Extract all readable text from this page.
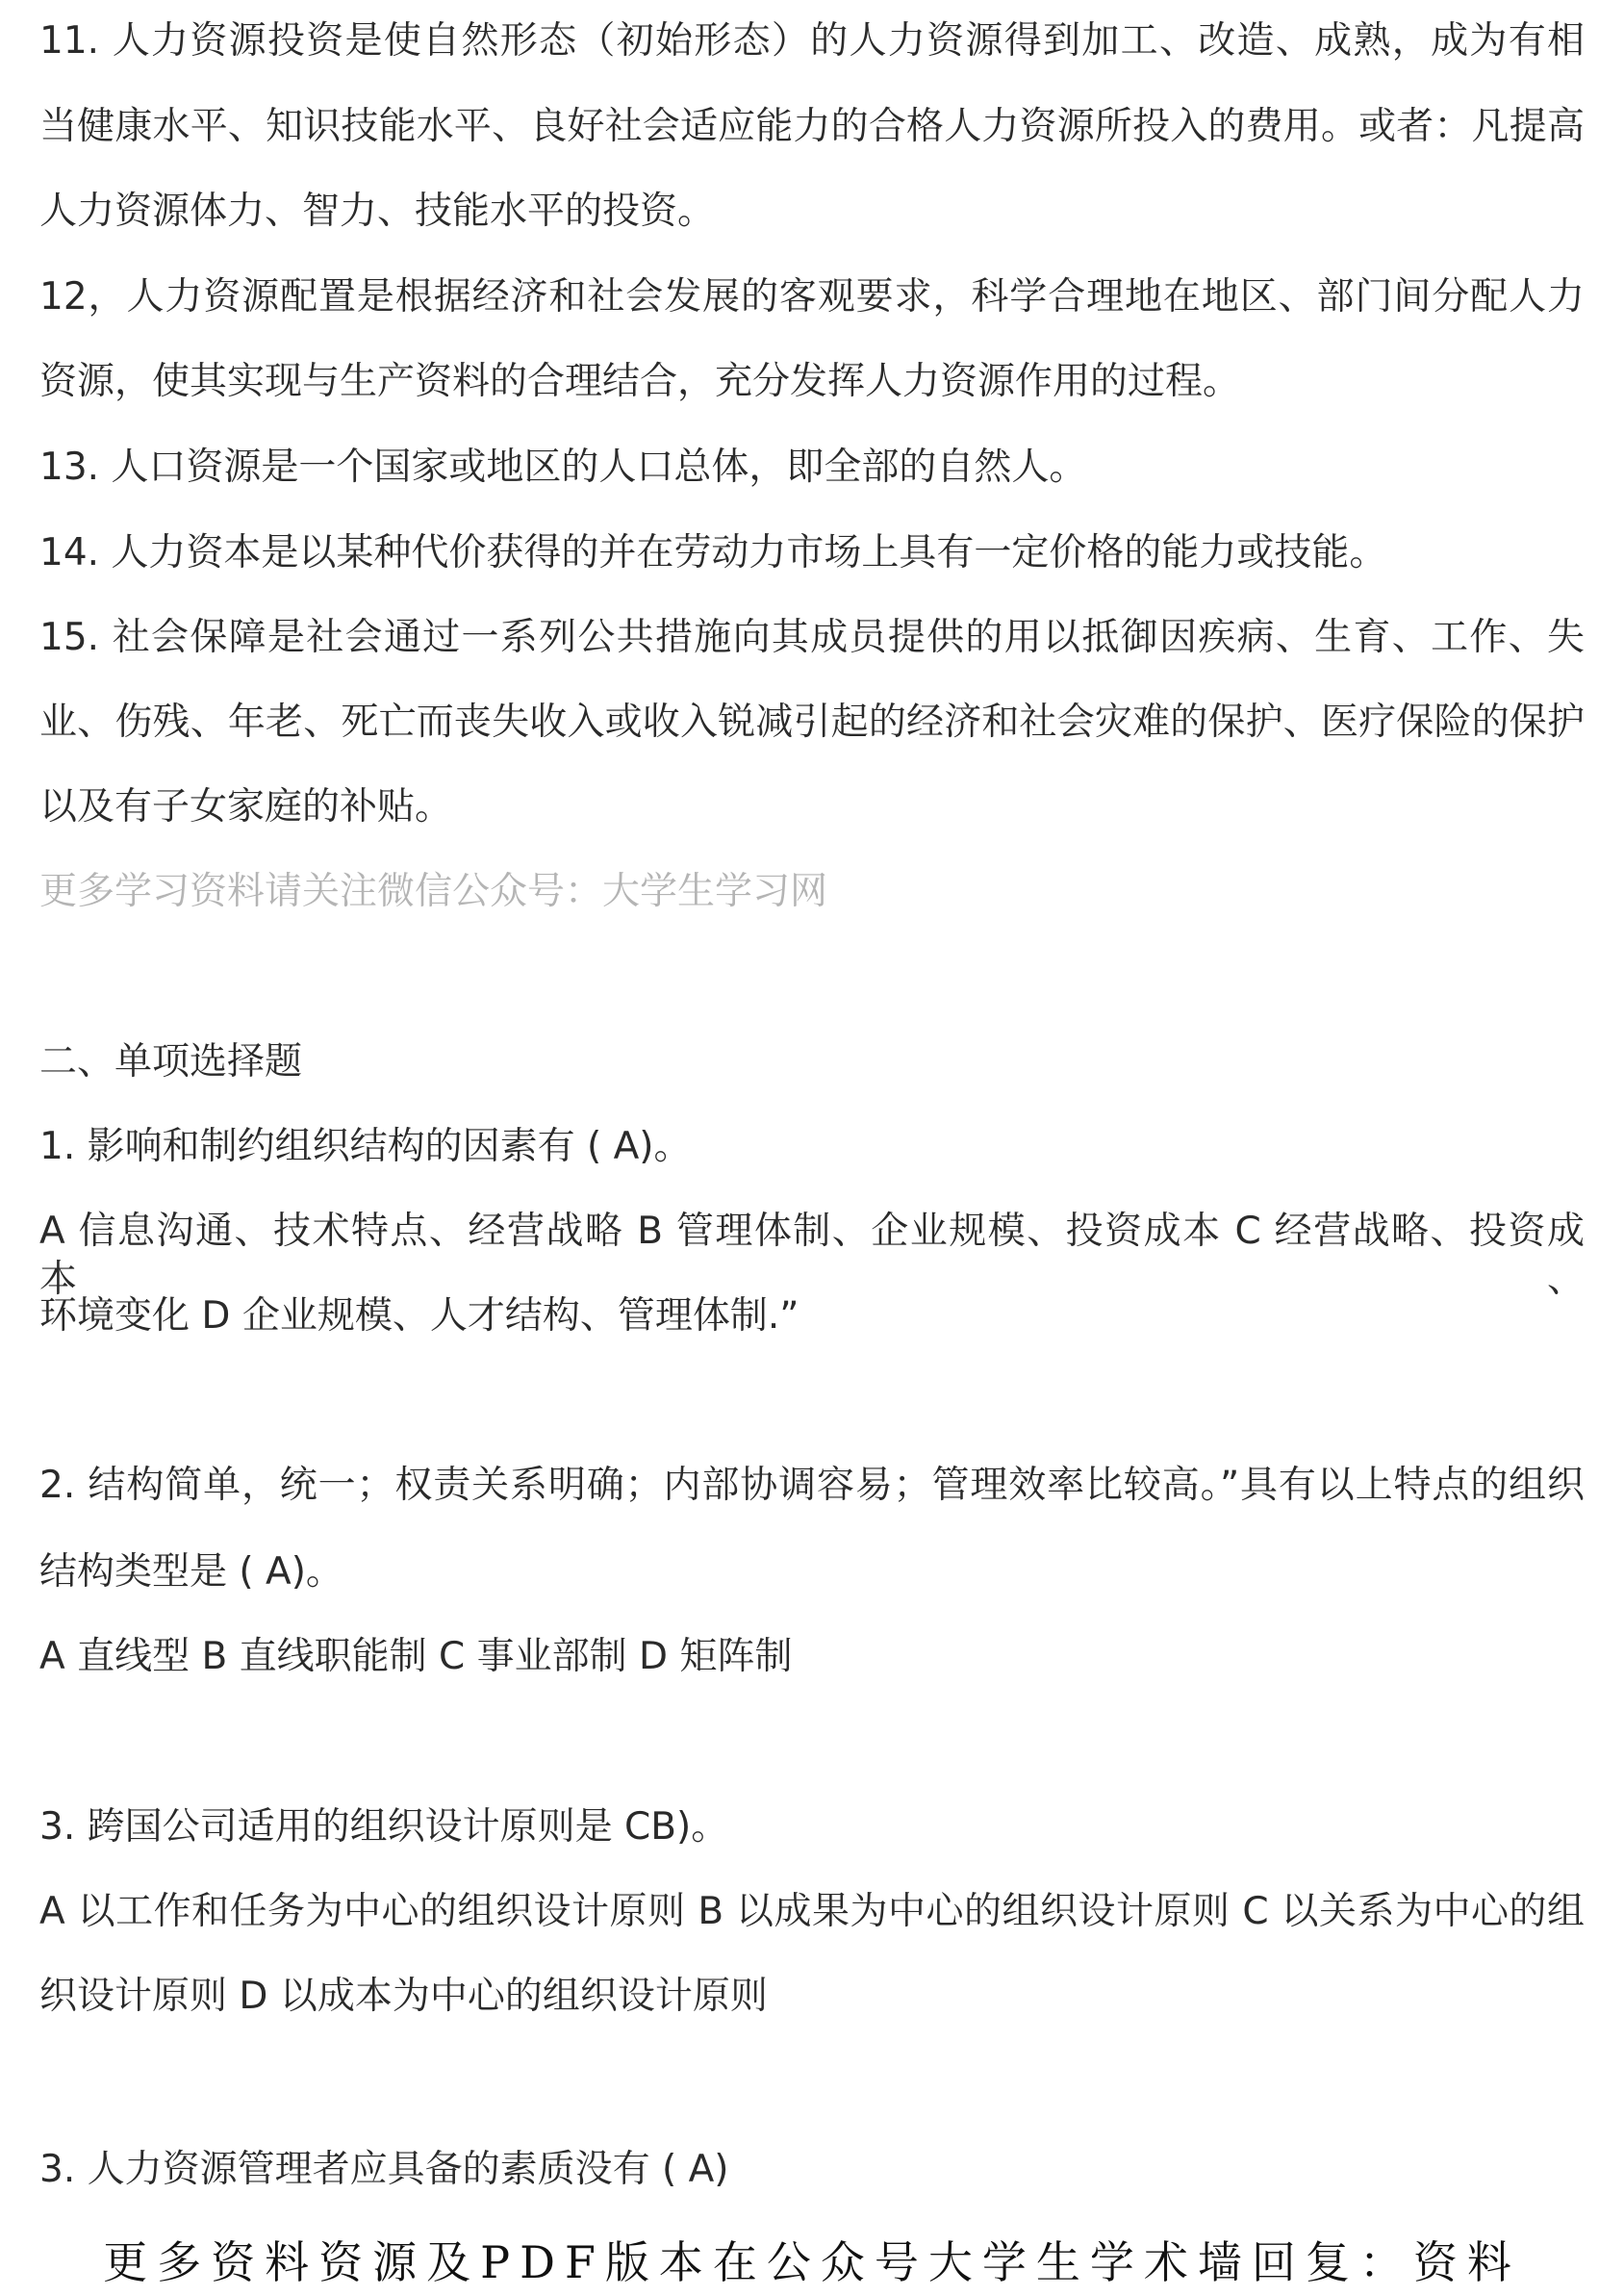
11. 人力资源投资是使自然形态（初始形态）的人力资源得到加工、改造、成熟，成为有相
当健康水平、知识技能水平、良好社会适应能力的合格人力资源所投入的费用。或者：凡提高
人力资源体力、智力、技能水平的投资。
12，人力资源配置是根据经济和社会发展的客观要求，科学合理地在地区、部门间分配人力
资源，使其实现与生产资料的合理结合，充分发挥人力资源作用的过程。
13. 人口资源是一个国家或地区的人口总体，即全部的自然人。
14. 人力资本是以某种代价获得的并在劳动力市场上具有一定价格的能力或技能。
15. 社会保障是社会通过一系列公共措施向其成员提供的用以抵御因疾病、生育、工作、失
业、伤残、年老、死亡而丧失收入或收入锐减引起的经济和社会灾难的保护、医疗保险的保护
以及有子女家庭的补贴。
更多学习资料请关注微信公众号：大学生学习网
二、单项选择题
1. 影响和制约组织结构的因素有 ( A)。
A 信息沟通、技术特点、经营战略 B 管理体制、企业规模、投资成本 C 经营战略、投资成本、
环境变化 D 企业规模、人才结构、管理体制.”
2. 结构简单，统一；权责关系明确；内部协调容易；管理效率比较高。”具有以上特点的组织
结构类型是 ( A)。
A 直线型 B 直线职能制 C 事业部制 D 矩阵制
3. 跨国公司适用的组织设计原则是 CB)。
A 以工作和任务为中心的组织设计原则 B 以成果为中心的组织设计原则 C 以关系为中心的组
织设计原则 D 以成本为中心的组织设计原则
3. 人力资源管理者应具备的素质没有 ( A)
更多资料资源及PDF版本在公众号大学生学术墙回复：资料
